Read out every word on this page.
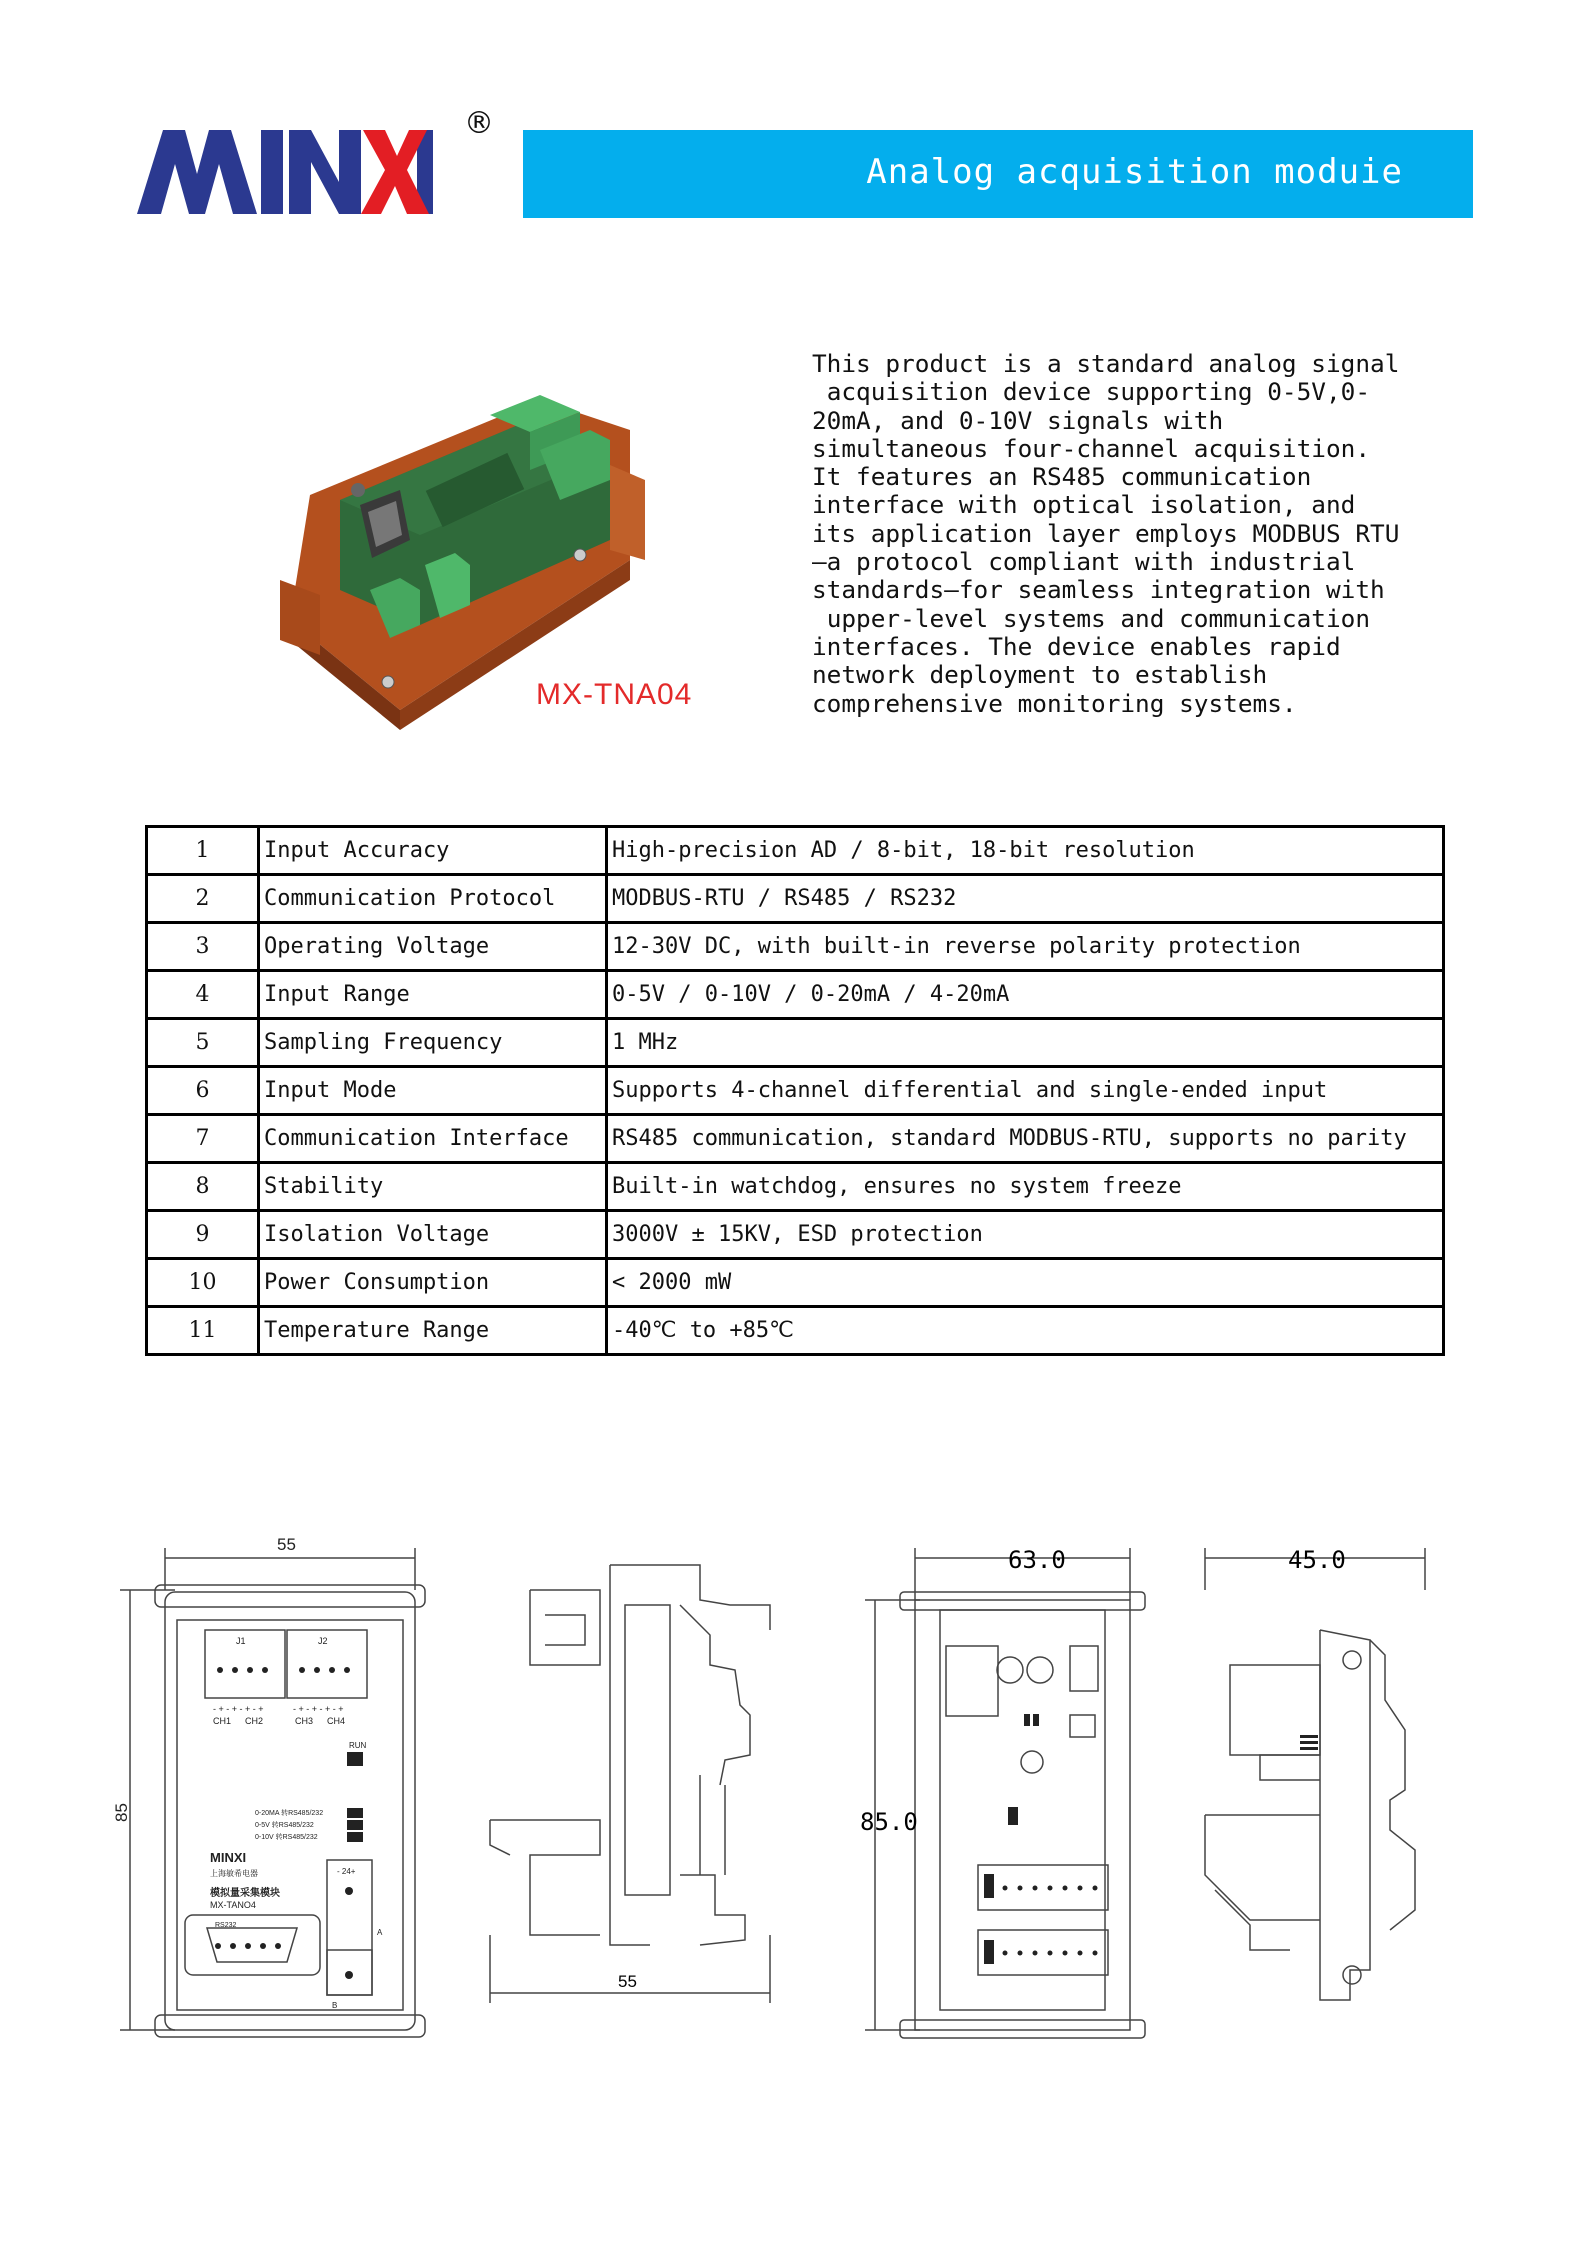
MINXI	®
Analog acquisition moduie
MX-TNA04
This product is a standard analog signal
acquisition device supporting 0-5V,0-
20mA, and 0-10V signals with
simultaneous four-channel acquisition.
It features an RS485 communication
interface with optical isolation, and
its application layer employs MODBUS RTU
—a protocol compliant with industrial
standards—for seamless integration with
upper-level systems and communication
interfaces. The device enables rapid
network deployment to establish
comprehensive monitoring systems.
1	Input Accuracy	High-precision AD / 8-bit, 18-bit resolution
2	Communication Protocol	MODBUS-RTU / RS485 / RS232
3	Operating Voltage	12-30V DC, with built-in reverse polarity protection
4	Input Range	0-5V / 0-10V / 0-20mA / 4-20mA
5	Sampling Frequency	1 MHz
6	Input Mode	Supports 4-channel differential and single-ended input
7	Communication Interface	RS485 communication, standard MODBUS-RTU, supports no parity
8	Stability	Built-in watchdog, ensures no system freeze
9	Isolation Voltage	3000V ± 15KV, ESD protection
10	Power Consumption	< 2000 mW
11	Temperature Range	-40℃ to +85℃
55
85
J1	J2
- + - + - + - +	- + - + - + - +
CH1 CH2	CH3 CH4
RUN
0-20MA 转RS485/232
0-5V 转RS485/232
0-10V 转RS485/232
MINXI
上海敏希电器
模拟量采集模块
MX-TANO4
RS232
- 24+
A
B
55
63.0
85.0
45.0
